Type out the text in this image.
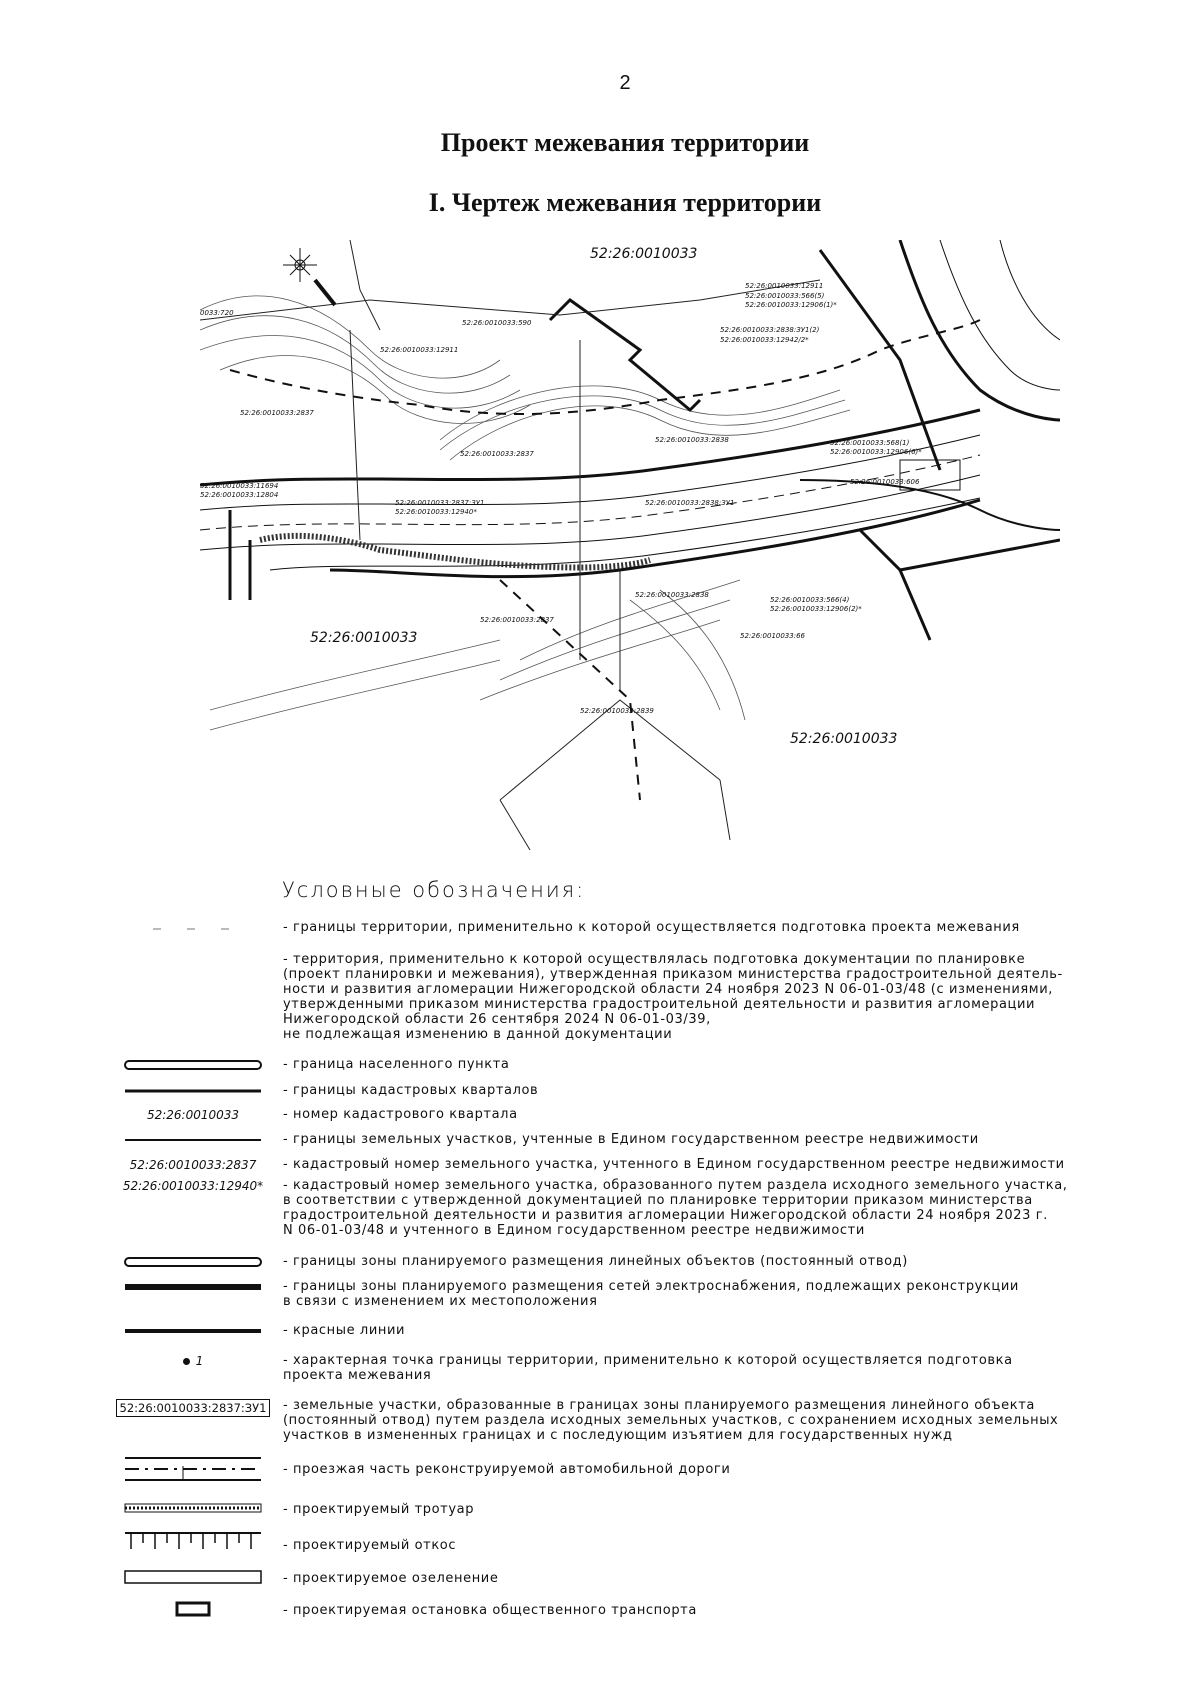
2
Проект межевания территории
I. Чертеж межевания территории
52:26:0010033
52:26:0010033
52:26:0010033
52:26:0010033:12911
52:26:0010033:566(5)
52:26:0010033:12906(1)*
0033:720
52:26:0010033:590
52:26:0010033:12911
52:26:0010033:2838:ЗУ1(2)
52:26:0010033:12942/2*
52:26:0010033:2837
52:26:0010033:2838
52:26:0010033:2837
52:26:0010033:568(1)
52:26:0010033:12906(6)*
52:26:0010033:11694
52:26:0010033:12804
52:26:0010033:2837:ЗУ1
52:26:0010033:12940*
52:26:0010033:2838:ЗУ1
52:26:0010033:606
52:26:0010033:2838
52:26:0010033:2837
52:26:0010033:566(4)
52:26:0010033:12906(2)*
52:26:0010033:66
52:26:0010033:2839
Условные обозначения:
- границы территории, применительно к которой осуществляется подготовка проекта межевания
- территория, применительно к которой осуществлялась подготовка документации по планировке
(проект планировки и межевания), утвержденная приказом министерства градостроительной деятель-
ности и развития агломерации Нижегородской области 24 ноября 2023 N 06-01-03/48 (с изменениями,
утвержденными приказом министерства градостроительной деятельности и развития агломерации
Нижегородской области 26 сентября 2024 N 06-01-03/39,
не подлежащая изменению в данной документации
- граница населенного пункта
- границы кадастровых кварталов
52:26:0010033	- номер кадастрового квартала
- границы земельных участков, учтенные в Едином государственном реестре недвижимости
52:26:0010033:2837	- кадастровый номер земельного участка, учтенного в Едином государственном реестре недвижимости
52:26:0010033:12940* - кадастровый номер земельного участка, образованного путем раздела исходного земельного участка,
в соответствии с утвержденной документацией по планировке территории приказом министерства
градостроительной деятельности и развития агломерации Нижегородской области 24 ноября 2023 г.
N 06-01-03/48 и учтенного в Едином государственном реестре недвижимости
- границы зоны планируемого размещения линейных объектов (постоянный отвод)
- границы зоны планируемого размещения сетей электроснабжения, подлежащих реконструкции
в связи с изменением их местоположения
- красные линии
1	- характерная точка границы территории, применительно к которой осуществляется подготовка
проекта межевания
52:26:0010033:2837:ЗУ1	- земельные участки, образованные в границах зоны планируемого размещения линейного объекта
(постоянный отвод) путем раздела исходных земельных участков, с сохранением исходных земельных
участков в измененных границах и с последующим изъятием для государственных нужд
- проезжая часть реконструируемой автомобильной дороги
- проектируемый тротуар
- проектируемый откос
- проектируемое озеленение
- проектируемая остановка общественного транспорта
